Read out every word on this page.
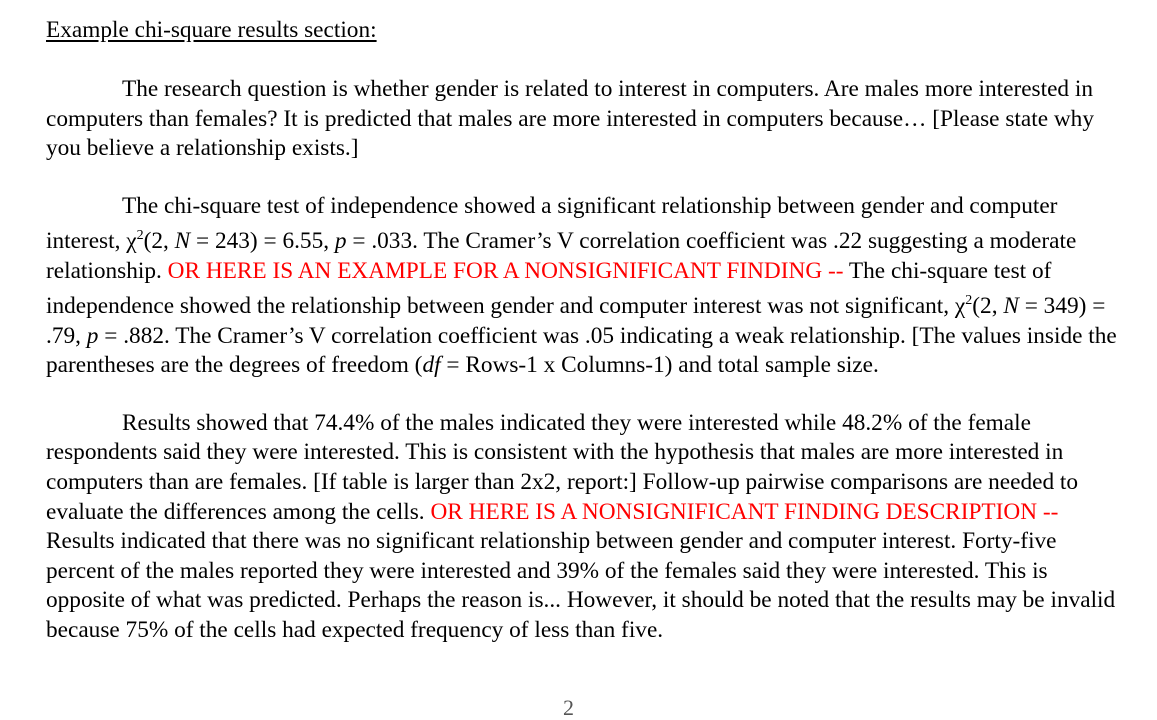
Example chi-square results section:

The research question is whether gender is related to interest in computers. Are males more interested in computers than females? It is predicted that males are more interested in computers because… [Please state why you believe a relationship exists.]

The chi-square test of independence showed a significant relationship between gender and computer interest, $\chi^2(2$, N = 243) = 6.55, p = .033. The Cramer’s V correlation coefficient was .22 suggesting a moderate relationship. OR HERE IS AN EXAMPLE FOR A NONSIGNIFICANT FINDING -- The chi-square test of independence showed the relationship between gender and computer interest was not significant, $\chi^2(2$, N = 349) = .79, p = .882. The Cramer’s V correlation coefficient was .05 indicating a weak relationship. [The values inside the parentheses are the degrees of freedom (df = Rows-1 x Columns-1) and total sample size.

Results showed that 74.4% of the males indicated they were interested while 48.2% of the female respondents said they were interested. This is consistent with the hypothesis that males are more interested in computers than are females. [If table is larger than 2x2, report:] Follow-up pairwise comparisons are needed to evaluate the differences among the cells. OR HERE IS A NONSIGNIFICANT FINDING DESCRIPTION -- Results indicated that there was no significant relationship between gender and computer interest. Forty-five percent of the males reported they were interested and 39% of the females said they were interested. This is opposite of what was predicted. Perhaps the reason is... However, it should be noted that the results may be invalid because 75% of the cells had expected frequency of less than five.

2
